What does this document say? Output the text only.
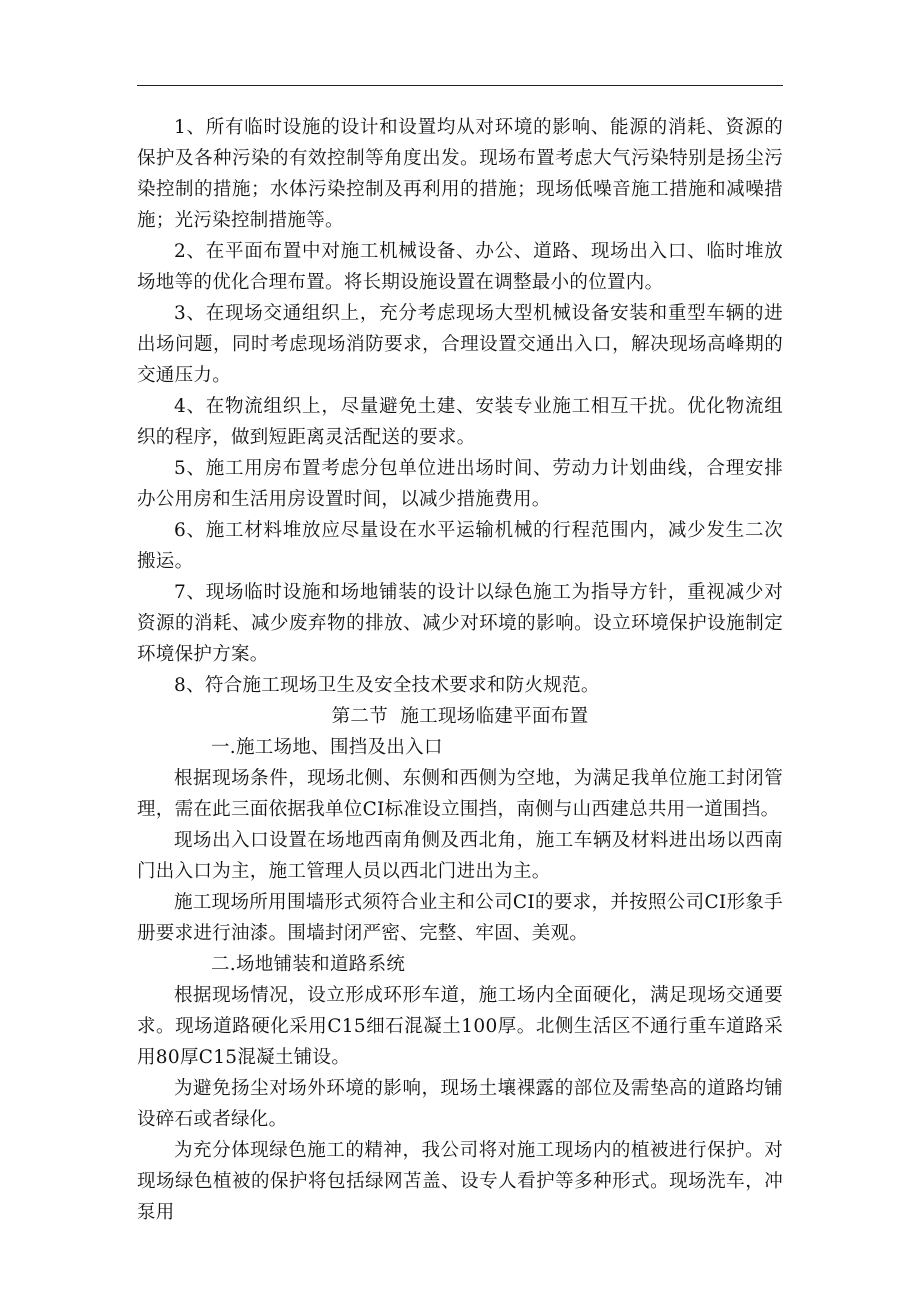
1、所有临时设施的设计和设置均从对环境的影响、能源的消耗、资源的保护及各种污染的有效控制等角度出发。现场布置考虑大气污染特别是扬尘污染控制的措施；水体污染控制及再利用的措施；现场低噪音施工措施和减噪措施；光污染控制措施等。

2、在平面布置中对施工机械设备、办公、道路、现场出入口、临时堆放场地等的优化合理布置。将长期设施设置在调整最小的位置内。

3、在现场交通组织上，充分考虑现场大型机械设备安装和重型车辆的进出场问题，同时考虑现场消防要求，合理设置交通出入口，解决现场高峰期的交通压力。

4、在物流组织上，尽量避免土建、安装专业施工相互干扰。优化物流组织的程序，做到短距离灵活配送的要求。

5、施工用房布置考虑分包单位进出场时间、劳动力计划曲线，合理安排办公用房和生活用房设置时间，以减少措施费用。

6、施工材料堆放应尽量设在水平运输机械的行程范围内，减少发生二次搬运。

7、现场临时设施和场地铺装的设计以绿色施工为指导方针，重视减少对资源的消耗、减少废弃物的排放、减少对环境的影响。设立环境保护设施制定环境保护方案。

8、符合施工现场卫生及安全技术要求和防火规范。

第二节  施工现场临建平面布置

一.施工场地、围挡及出入口

根据现场条件，现场北侧、东侧和西侧为空地，为满足我单位施工封闭管理，需在此三面依据我单位CI标准设立围挡，南侧与山西建总共用一道围挡。

现场出入口设置在场地西南角侧及西北角，施工车辆及材料进出场以西南门出入口为主，施工管理人员以西北门进出为主。

施工现场所用围墙形式须符合业主和公司CI的要求，并按照公司CI形象手册要求进行油漆。围墙封闭严密、完整、牢固、美观。

二.场地铺装和道路系统

根据现场情况，设立形成环形车道，施工场内全面硬化，满足现场交通要求。现场道路硬化采用C15细石混凝土100厚。北侧生活区不通行重车道路采用80厚C15混凝土铺设。

为避免扬尘对场外环境的影响，现场土壤裸露的部位及需垫高的道路均铺设碎石或者绿化。

为充分体现绿色施工的精神，我公司将对施工现场内的植被进行保护。对现场绿色植被的保护将包括绿网苫盖、设专人看护等多种形式。现场洗车，冲泵用
